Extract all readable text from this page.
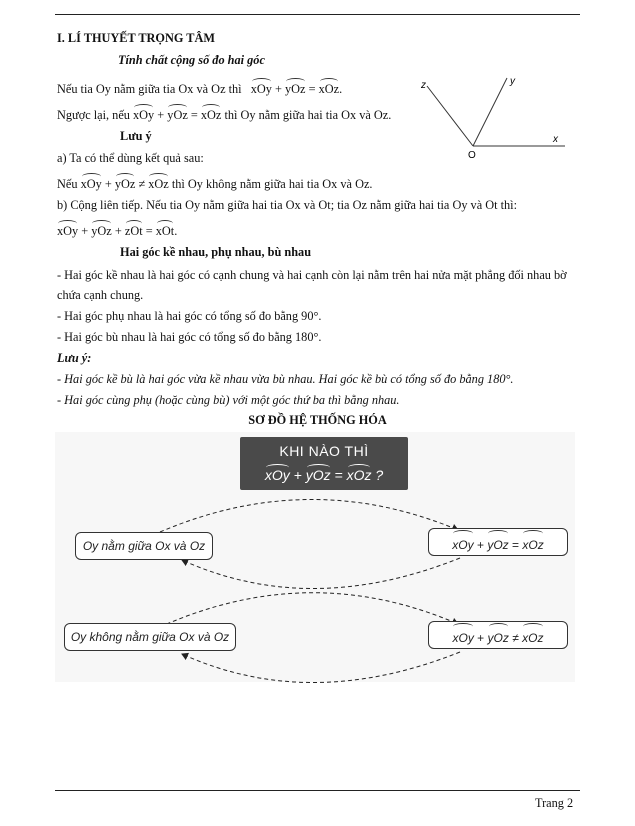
I. LÍ THUYẾT TRỌNG TÂM
Tính chất cộng số đo hai góc
Nếu tia Oy nằm giữa tia Ox và Oz thì xOy + yOz = xOz.
Ngược lại, nếu xOy + yOz = xOz thì Oy nằm giữa hai tia Ox và Oz.
z	y
x
O
Lưu ý
a) Ta có thể dùng kết quả sau:
Nếu xOy + yOz ≠ xOz thì Oy không nằm giữa hai tia Ox và Oz.
b) Cộng liên tiếp. Nếu tia Oy nằm giữa hai tia Ox và Ot; tia Oz nằm giữa hai tia Oy và Ot thì:
xOy + yOz + zOt = xOt.
Hai góc kề nhau, phụ nhau, bù nhau
- Hai góc kề nhau là hai góc có cạnh chung và hai cạnh còn lại nằm trên hai nửa mặt phẳng đối nhau bờ
chứa cạnh chung.
- Hai góc phụ nhau là hai góc có tổng số đo bằng 90°.
- Hai góc bù nhau là hai góc có tổng số đo bằng 180°.
Lưu ý:
- Hai góc kề bù là hai góc vừa kề nhau vừa bù nhau. Hai góc kề bù có tổng số đo bằng 180°.
- Hai góc cùng phụ (hoặc cùng bù) với một góc thứ ba thì bằng nhau.
SƠ ĐỒ HỆ THỐNG HÓA
KHI NÀO THÌ
xOy + yOz = xOz ?
Oy nằm giữa Ox và Oz	xOy + yOz = xOz
Oy không nằm giữa Ox và Oz	xOy + yOz ≠ xOz
Trang 2
